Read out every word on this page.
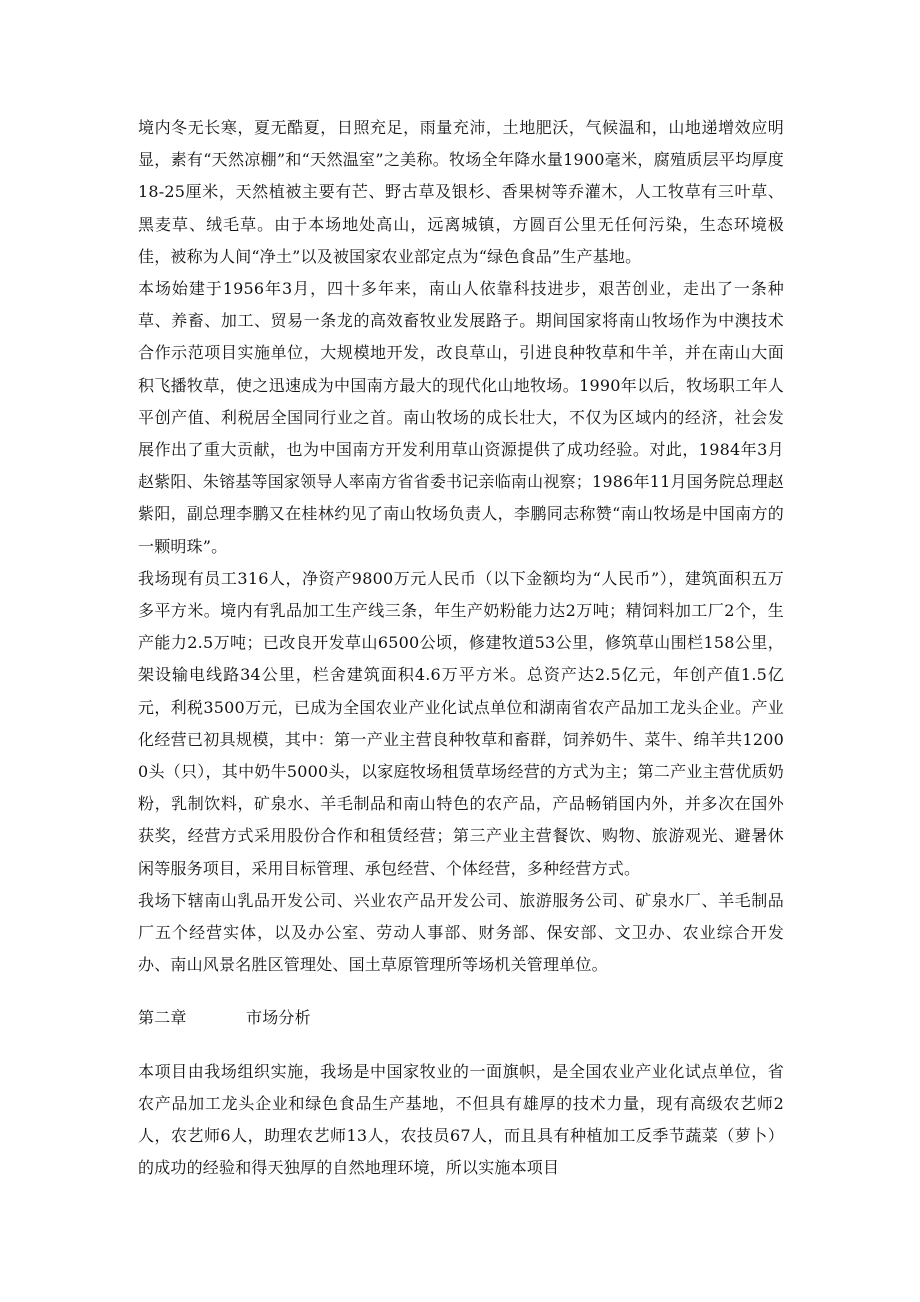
境内冬无长寒，夏无酷夏，日照充足，雨量充沛，土地肥沃，气候温和，山地递增效应明显，素有“天然凉棚”和“天然温室”之美称。牧场全年降水量1900毫米，腐殖质层平均厚度18-25厘米，天然植被主要有芒、野古草及银杉、香果树等乔灌木，人工牧草有三叶草、黑麦草、绒毛草。由于本场地处高山，远离城镇，方圆百公里无任何污染，生态环境极佳，被称为人间“净土”以及被国家农业部定点为“绿色食品”生产基地。

本场始建于1956年3月，四十多年来，南山人依靠科技进步，艰苦创业，走出了一条种草、养畜、加工、贸易一条龙的高效畜牧业发展路子。期间国家将南山牧场作为中澳技术合作示范项目实施单位，大规模地开发，改良草山，引进良种牧草和牛羊，并在南山大面积飞播牧草，使之迅速成为中国南方最大的现代化山地牧场。1990年以后，牧场职工年人平创产值、利税居全国同行业之首。南山牧场的成长壮大，不仅为区域内的经济，社会发展作出了重大贡献，也为中国南方开发利用草山资源提供了成功经验。对此，1984年3月赵紫阳、朱镕基等国家领导人率南方省省委书记亲临南山视察；1986年11月国务院总理赵紫阳，副总理李鹏又在桂林约见了南山牧场负责人，李鹏同志称赞“南山牧场是中国南方的一颗明珠”。

我场现有员工316人，净资产9800万元人民币（以下金额均为“人民币”），建筑面积五万多平方米。境内有乳品加工生产线三条，年生产奶粉能力达2万吨；精饲料加工厂2个，生产能力2.5万吨；已改良开发草山6500公顷，修建牧道53公里，修筑草山围栏158公里，架设输电线路34公里，栏舍建筑面积4.6万平方米。总资产达2.5亿元，年创产值1.5亿元，利税3500万元，已成为全国农业产业化试点单位和湖南省农产品加工龙头企业。产业化经营已初具规模，其中：第一产业主营良种牧草和畜群，饲养奶牛、菜牛、绵羊共12000头（只），其中奶牛5000头，以家庭牧场租赁草场经营的方式为主；第二产业主营优质奶粉，乳制饮料，矿泉水、羊毛制品和南山特色的农产品，产品畅销国内外，并多次在国外获奖，经营方式采用股份合作和租赁经营；第三产业主营餐饮、购物、旅游观光、避暑休闲等服务项目，采用目标管理、承包经营、个体经营，多种经营方式。

我场下辖南山乳品开发公司、兴业农产品开发公司、旅游服务公司、矿泉水厂、羊毛制品厂五个经营实体，以及办公室、劳动人事部、财务部、保安部、文卫办、农业综合开发办、南山风景名胜区管理处、国土草原管理所等场机关管理单位。

第二章	市场分析

本项目由我场组织实施，我场是中国家牧业的一面旗帜，是全国农业产业化试点单位，省农产品加工龙头企业和绿色食品生产基地，不但具有雄厚的技术力量，现有高级农艺师2人，农艺师6人，助理农艺师13人，农技员67人，而且具有种植加工反季节蔬菜（萝卜）的成功的经验和得天独厚的自然地理环境，所以实施本项目
